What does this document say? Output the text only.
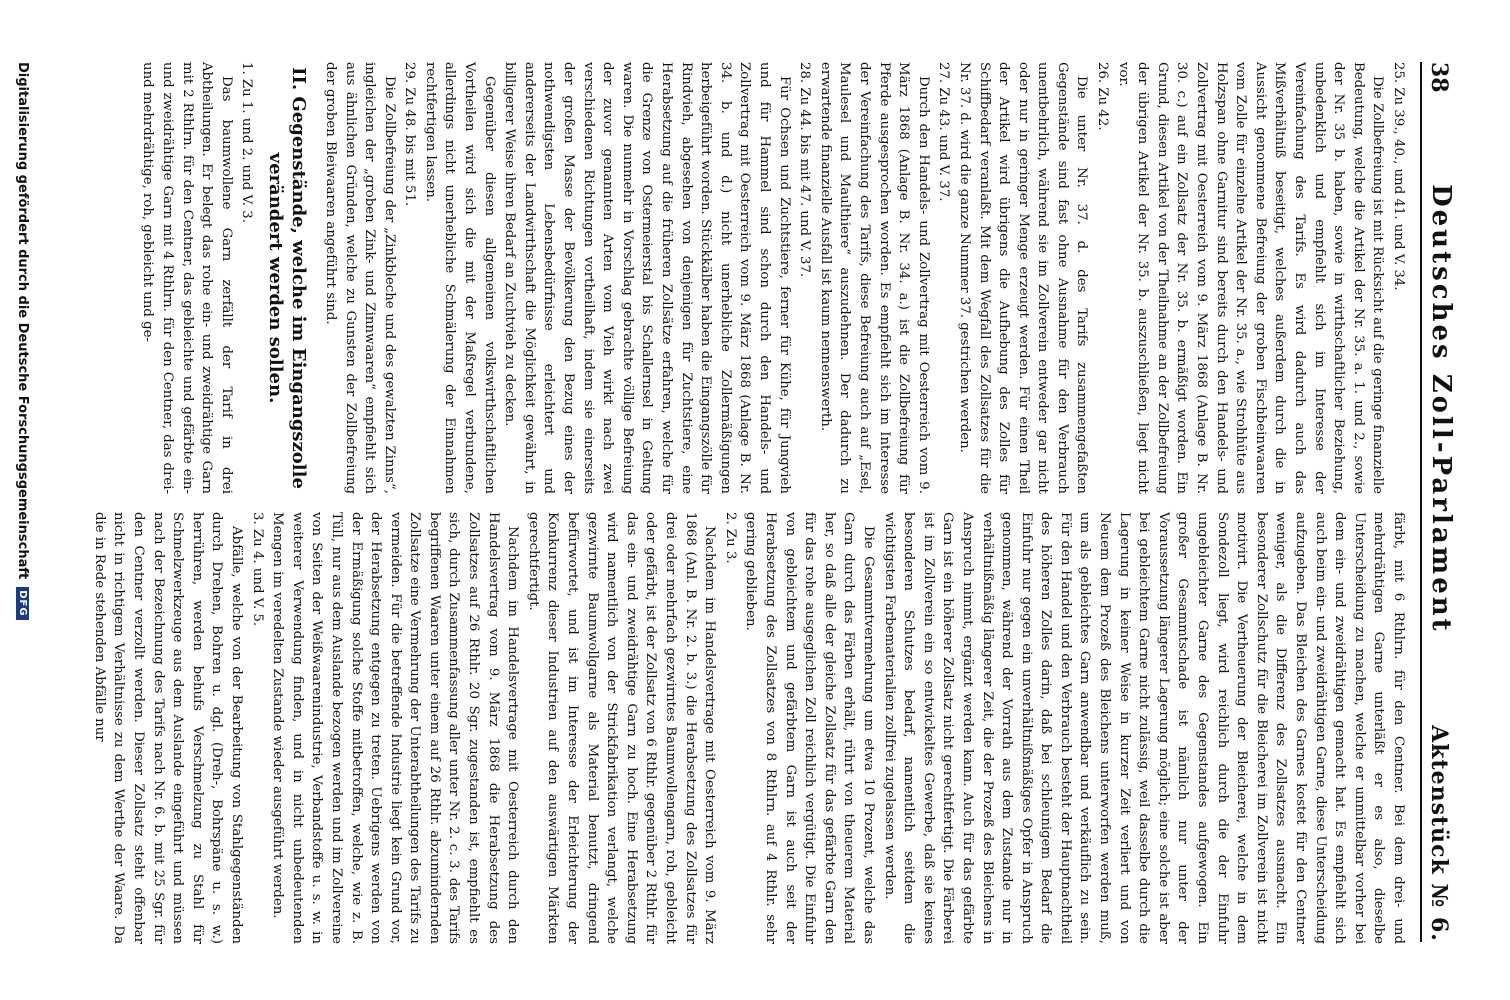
38
Deutsches Zoll-Parlament
Aktenstück № 6.

25. Zu 39., 40., und 41. und V. 34.

Die Zollbefreiung ist mit Rücksicht auf die geringe finanzielle Bedeutung, welche die Artikel der Nr. 35. a. 1. und 2., sowie der Nr. 35 b. haben, sowie in wirthschaftlicher Beziehung, unbedenklich und empfiehlt sich im Interesse der Vereinfachung des Tarifs. Es wird dadurch auch das Mißverhältniß beseitigt, welches außerdem durch die in Aussicht genommene Befreiung der groben Fischbeinwaaren vom Zolle für einzelne Artikel der Nr. 35. a., wie Strohhüte aus Holzspan ohne Garnitur sind bereits durch den Handels- und Zollvertrag mit Oesterreich vom 9. März 1868 (Anlage B. Nr. 30. c.) auf ein Zollsatz der Nr. 35. b. ermäßigt worden. Ein Grund, diesen Artikel von der Theilnahme an der Zollbefreiung der übrigen Artikel der Nr. 35. b. auszuschließen, liegt nicht vor.

26. Zu 42.

Die unter Nr. 37. d. des Tarifs zusammengefaßten Gegenstände sind fast ohne Ausnahme für den Verbrauch unentbehrlich, während sie im Zollverein entweder gar nicht oder nur in geringer Menge erzeugt werden. Für einen Theil der Artikel wird übrigens die Aufhebung des Zolles für Schiffbedarf veranlaßt. Mit dem Wegfall des Zollsatzes für die Nr. 37. d. wird die ganze Nummer 37. gestrichen werden.

27. Zu 43. und V. 37.

Durch den Handels- und Zollvertrag mit Oesterreich vom 9. März 1868 (Anlage B. Nr. 34. a.) ist die Zollbefreiung für Pferde ausgesprochen worden. Es empfiehlt sich im Interesse der Vereinfachung des Tarifs, diese Befreiung auch auf „Esel, Maulesel und Maulthiere“ auszudehnen. Der dadurch zu erwartende finanzielle Ausfall ist kaum nennenswerth.

28. Zu 44. bis mit 47. und V. 37.

Für Ochsen und Zuchtstiere, ferner für Kühe, für Jungvieh und für Hammel sind schon durch den Handels- und Zollvertrag mit Oesterreich vom 9. März 1868 (Anlage B. Nr. 34. b. und d.) nicht unerhebliche Zollermäßigungen herbeigeführt worden. Stückkälber haben die Eingangszölle für Rindvieh, abgesehen von denjenigen für Zuchtstiere, eine Herabsetzung auf die früheren Zollsätze erfahren, welche für die Grenze von Ostermeierstal bis Schallernsel in Geltung waren. Die nunmehr in Vorschlag gebrachte völlige Befreiung der zuvor genannten Arten vom Vieh wirkt nach zwei verschiedenen Richtungen vortheilhaft, indem sie einerseits der großen Masse der Bevölkerung den Bezug eines der nothwendigsten Lebensbedürfnisse erleichtert und andererseits der Landwirthschaft die Möglichkeit gewährt, in billigerer Weise ihren Bedarf an Zuchtvieh zu decken.

Gegenüber diesen allgemeinen volkswirthschaftlichen Vortheilen wird sich die mit der Maßregel verbundene, allerdings nicht unerhebliche Schmälerung der Einnahmen rechtfertigen lassen.

29. Zu 48. bis mit 51.

Die Zollbefreiung der „Zinkbleche und des gewalzten Zinns“, ingleichen der „groben Zink- und Zinnwaaren“ empfiehlt sich aus ähnlichen Gründen, welche zu Gunsten der Zollbefreiung der groben Bleiwaaren angeführt sind.

II. Gegenstände, welche im Eingangszolle verändert werden sollen.

1. Zu 1. und 2. und V. 3.

Das baumwollene Garn zerfällt der Tarif in drei Abtheilungen. Er belegt das rohe ein- und zweidrähtige Garn mit 2 Rthlrn. für den Centner, das gebleichte und gefärbte ein- und zweidrähtige Garn mit 4 Rthlrn. für den Centner, das drei- und mehrdrähtige, roh, gebleicht und ge-

färbt, mit 6 Rthlrn. für den Centner. Bei dem drei- und mehrdrähtigen Garne unterläßt er es also, dieselbe Unterscheidung zu machen, welche er unmittelbar vorher bei dem ein- und zweidrähtigen gemacht hat. Es empfiehlt sich auch beim ein- und zweidrähtigen Garne, diese Unterscheidung aufzugeben. Das Bleichen des Garnes kostet für den Centner weniger, als die Differenz des Zollsatzes ausmacht. Ein besonderer Zollschutz für die Bleicherei im Zollverein ist nicht motivirt. Die Vertheuerung der Bleicherei, welche in dem Sondezoll liegt, wird reichlich durch die der Einfuhr ungebleichter Garne des Gegenstandes aufgewogen. Ein großer Gesammtschade ist nämlich nur unter der Voraussetzung längerer Lagerung möglich; eine solche ist aber bei gebleichtem Garne nicht zulässig, weil dasselbe durch die Lagerung in keiner Weise in kurzer Zeit verliert und von Neuem dem Prozeß des Bleichens unterworfen werden muß, um als gebleichtes Garn anwendbar und verkäuflich zu sein. Für den Handel und den Verbrauch besteht der Hauptnachtheil des höheren Zolles darin, daß bei schleunigem Bedarf die Einfuhr nur gegen ein unverhältnißmäßiges Opfer in Anspruch genommen, während der Vorrath aus dem Zustande nur in verhältnißmäßig längerer Zeit, die der Prozeß des Bleichens in Anspruch nimmt, ergänzt werden kann. Auch für das gefärbte Garn ist ein höherer Zollsatz nicht gerechtfertigt. Die Färberei ist im Zollverein ein so entwickeltes Gewerbe, daß sie keines besonderen Schutzes bedarf, namentlich seitdem die wichtigsten Farbematerialien zollfrei zugelassen werden.

Die Gesammtvermehrung um etwa 10 Prozent, welche das Garn durch das Färben erhält, rührt von theuerem Material her, so daß alle der gleiche Zollsatz für das gefärbte Garn den für das rohe ausgeglichen Zoll reichlich vergütigt. Die Einfuhr von gebleichtem und gefärbtem Garn ist auch seit der Herabsetzung des Zollsatzes von 8 Rthlrn. auf 4 Rthlr. sehr gering geblieben.

2. Zu 3.

Nachdem im Handelsvertrage mit Oesterreich vom 9. März 1868 (Anl. B. Nr. 2. b. 3.) die Herabsetzung des Zollsatzes für drei oder mehrfach gezwirntes Baumwollengarn, roh, gebleicht oder gefärbt, ist der Zollsatz von 6 Rthlr. gegenüber 2 Rthlr. für das ein- und zweidrähtige Garn zu hoch. Eine Herabsetzung wird namentlich von der Strickfabrikation verlangt, welche gezwirnte Baumwollgarne als Material benutzt, dringend befürwortet, und ist im Interesse der Erleichterung der Konkurrenz dieser Industrien auf den auswärtigen Märkten gerechtfertigt.

Nachdem im Handelsvertrage mit Oesterreich durch den Handelsvertrag vom 9. März 1868 die Herabsetzung des Zollsatzes auf 26 Rthlr. 20 Sgr. zugestanden ist, empfiehlt es sich, durch Zusammenfassung aller unter Nr. 2. c. 3. des Tarifs begriffenen Waaren unter einem auf 26 Rthlr. abzumindernden Zollsatze eine Vermehrung der Unterabtheilungen des Tarifs zu vermeiden. Für die betreffende Industrie liegt kein Grund vor, der Herabsetzung entgegen zu treten. Uebrigens werden von der Ermäßigung solche Stoffe mitbetroffen, welche, wie z. B. Tüll, nur aus dem Auslande bezogen werden und im Zollvereine von Seiten der Weißwaarenindustrie, Verbandstoffe u. s. w. in weiterer Verwendung finden, und in nicht unbedeutenden Mengen im veredelten Zustande wieder ausgeführt werden.

3. Zu 4. und V. 5.

Abfälle, welche von der Bearbeitung von Stahlgegenständen durch Drehen, Bohren u. dgl. (Dreh-, Bohrspäne u. s. w.) herrühren, werden behufs Verschmelzung zu Stahl für Schmelzwerkzeuge aus dem Auslande eingeführt und müssen nach der Bezeichnung des Tarifs nach Nr. 6. b. mit 25 Sgr. für den Centner verzollt werden. Dieser Zollsatz steht offenbar nicht in richtigem Verhältnisse zu dem Werthe der Waare. Da die in Rede stehenden Abfälle nur

Digitalisierung gefördert durch die Deutsche Forschungsgemeinschaft
DFG
